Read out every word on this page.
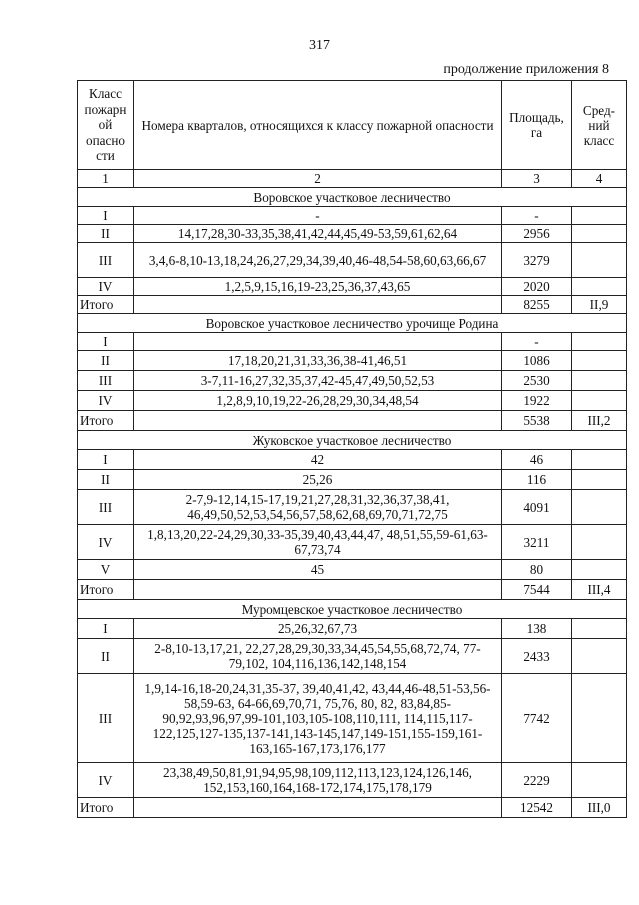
317
продолжение приложения 8
Класс
пожарн
ой
опасно
сти	Номера кварталов, относящихся к классу пожарной опасности	Площадь, га	Сред-ний класс
1	2	3	4
Воровское участковое лесничество			
I	-	-	
II	14,17,28,30-33,35,38,41,42,44,45,49-53,59,61,62,64	2956	
III	3,4,6-8,10-13,18,24,26,27,29,34,39,40,46-48,54-58,60,63,66,67	3279	
IV	1,2,5,9,15,16,19-23,25,36,37,43,65	2020	
Итого		8255	II,9
Воровское участковое лесничество урочище Родина			
I		-	
II	17,18,20,21,31,33,36,38-41,46,51	1086	
III	3-7,11-16,27,32,35,37,42-45,47,49,50,52,53	2530	
IV	1,2,8,9,10,19,22-26,28,29,30,34,48,54	1922	
Итого		5538	III,2
Жуковское участковое лесничество			
I	42	46	
II	25,26	116	
III	2-7,9-12,14,15-17,19,21,27,28,31,32,36,37,38,41, 46,49,50,52,53,54,56,57,58,62,68,69,70,71,72,75	4091	
IV	1,8,13,20,22-24,29,30,33-35,39,40,43,44,47, 48,51,55,59-61,63-67,73,74	3211	
V	45	80	
Итого		7544	III,4
Муромцевское участковое лесничество			
I	25,26,32,67,73	138	
II	2-8,10-13,17,21, 22,27,28,29,30,33,34,45,54,55,68,72,74, 77-79,102, 104,116,136,142,148,154	2433	
III	1,9,14-16,18-20,24,31,35-37, 39,40,41,42, 43,44,46-48,51-53,56-58,59-63, 64-66,69,70,71, 75,76, 80, 82, 83,84,85-90,92,93,96,97,99-101,103,105-108,110,111, 114,115,117-122,125,127-135,137-141,143-145,147,149-151,155-159,161-163,165-167,173,176,177	7742	
IV	23,38,49,50,81,91,94,95,98,109,112,113,123,124,126,146, 152,153,160,164,168-172,174,175,178,179	2229	
Итого		12542	III,0
